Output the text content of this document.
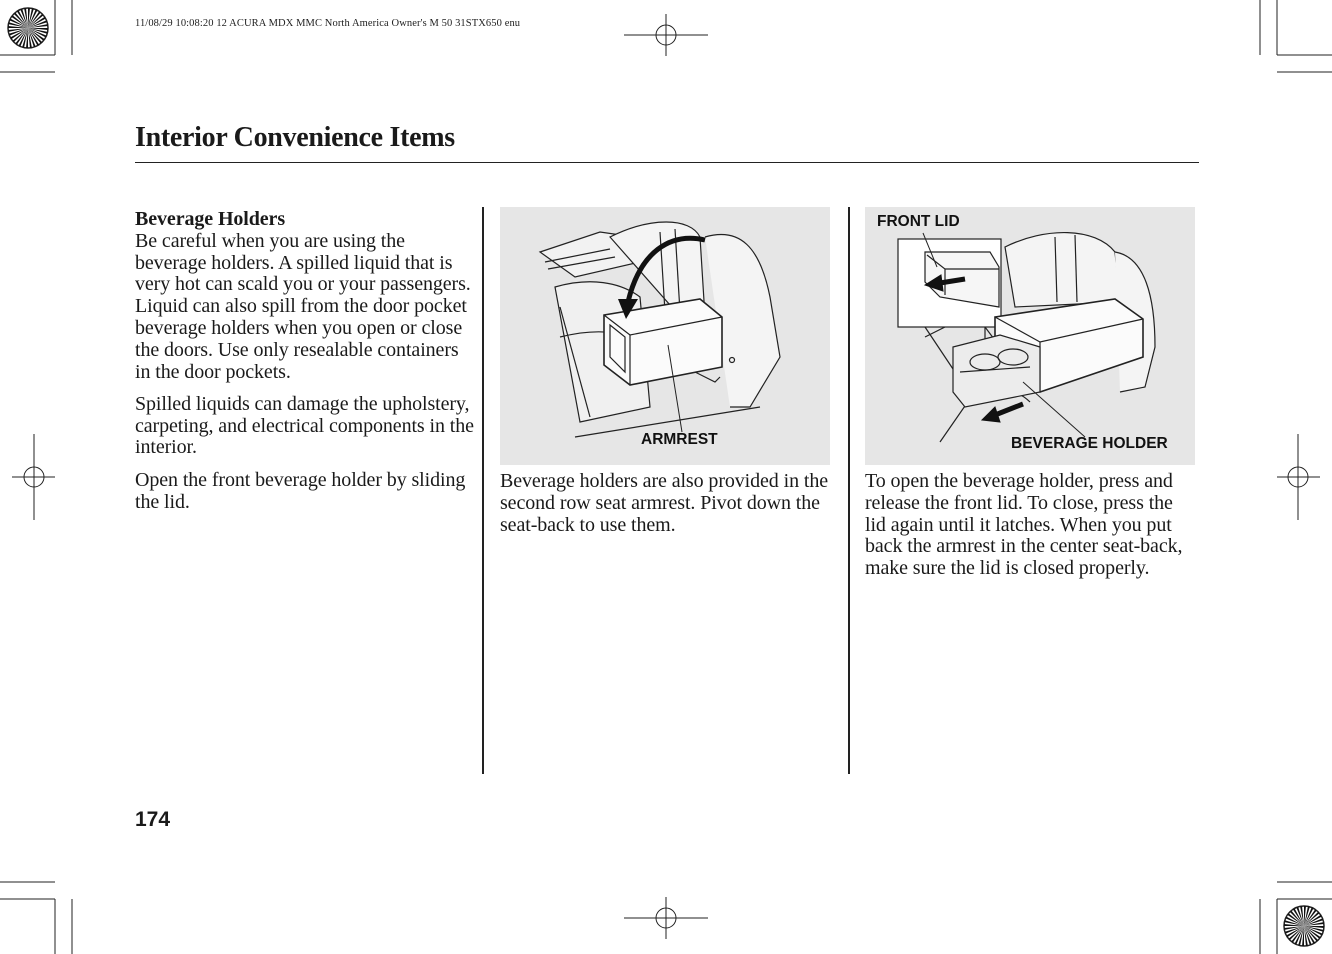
11/08/29 10:08:20 12 ACURA MDX MMC North America Owner's M 50 31STX650 enu
Interior Convenience Items

Beverage Holders
Be careful when you are using the beverage holders. A spilled liquid that is very hot can scald you or your passengers. Liquid can also spill from the door pocket beverage holders when you open or close the doors. Use only resealable containers in the door pockets.

Spilled liquids can damage the upholstery, carpeting, and electrical components in the interior.

Open the front beverage holder by sliding the lid.

ARMREST

Beverage holders are also provided in the second row seat armrest. Pivot down the seat-back to use them.

FRONT LID
BEVERAGE HOLDER

To open the beverage holder, press and release the front lid. To close, press the lid again until it latches. When you put back the armrest in the center seat-back, make sure the lid is closed properly.

174
